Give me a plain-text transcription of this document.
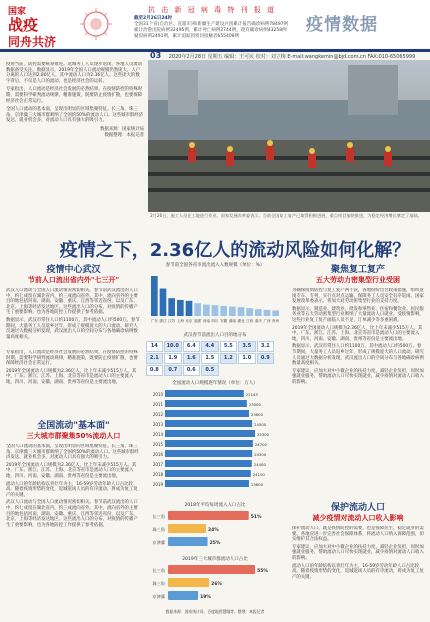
国家
战疫
同舟共济
抗 击 新 冠 病 毒 特 刊 报 道
截至2月26日24时
全国31个省(自治区、直辖市)和新疆生产建设兵团累计报告确诊病例78497例
累计治愈出院病例32495例，累计死亡病例2744例，现有确诊病例43258例
疑似病例2491例，累计追踪到密切接触者655408例
疫情数据
03 2020年2月28日 星期五 编辑：王可民 校对：刘立梅 E-mail:wangkemin@bjd.com.cn FAX:010-65065999
疫情当前，防控需要统筹推进。返城务工人员逐步返岗，各地人员流动数据备受关注。数据显示，2019年全国人口流动规模仍然庞大，人户分离的人口达到2.80亿人，其中流动人口为2.36亿人。这些庞大的数字背后，不仅是人口的流动，也是经济社会的运转。
专家指出，人口流动是经济社会发展的必然结果，在疫情防控的特殊时期，需要科学研判流动规律，精准施策，既要防止疫情扩散，也要保障经济社会正常运行。
全国人口流动的基本面，呈现出明显的区域集聚特征。长三角、珠三角、京津冀三大城市群吸纳了全国约50%的流动人口。这些城市群经济发达、就业机会多，对流动人口具有强大的吸引力。
数据来源：国家统计局
数据整理：本报记者
2月26日，施工人员在工地进行作业。国家发展改革委表示，当前全国复工复产已取得积极进展，重点项目加快推进，为稳定经济增长奠定了基础。
疫情之下，2.36亿人的流动风险如何化解？
疫情中心武汉
节前人口流出省内外"七三开"
武汉人口流动与全国人口流动情况密切相关。春节前武汉流出的人口中，约七成留在湖北省内，约三成流向省外。其中，流向省外的主要目的地包括河南、湖南、安徽、重庆、江西等邻近省份，以及广东、北京、上海等经济发达地区。这些流出人口的分布，对疫情的传播产生了重要影响，也为各地防控工作提供了参考依据。
数据显示，武汉市常住人口约1100万，其中流动人口约500万。春节期间，大量务工人员返乡过年，形成了规模庞大的人口流动。研究人员通过大数据分析发现，武汉流出人口的空间分布与各地确诊病例数量高度相关。
专家指出，人口流动是经济社会发展的必然结果，在疫情防控的特殊时期，需要科学研判流动规律，精准施策，既要防止疫情扩散，也要保障经济社会正常运行。
2019年全国流动人口规模为2.36亿人，比上年末减少515万人。其中，广东、浙江、江苏、上海、北京等省市是流动人口的主要流入地，四川、河南、安徽、湖南、贵州等省份是主要流出地。
全国流动"基本面"
三大城市群聚集50%流动人口
全国人口流动的基本面，呈现出明显的区域集聚特征。长三角、珠三角、京津冀三大城市群吸纳了全国约50%的流动人口。这些城市群经济发达、就业机会多，对流动人口具有强大的吸引力。
2019年全国流动人口规模为2.36亿人，比上年末减少515万人。其中，广东、浙江、江苏、上海、北京等省市是流动人口的主要流入地，四川、河南、安徽、湖南、贵州等省份是主要流出地。
流动人口的年龄结构以青壮年为主，16-59岁劳动年龄人口占比较高。随着疫情形势的变化，返城返岗人员的有序流动，将成为复工复产的关键。
武汉人口流动与全国人口流动情况密切相关。春节前武汉流出的人口中，约七成留在湖北省内，约三成流向省外。其中，流向省外的主要目的地包括河南、湖南、安徽、重庆、江西等邻近省份，以及广东、北京、上海等经济发达地区。这些流出人口的分布，对疫情的传播产生了重要影响，也为各地防控工作提供了参考依据。
春节前全国各省市流出流入人数规模（单位：%）
广东 浙江 江苏 上海 北京 福建 河南 四川 安徽 湖南 湖北 江西 重庆 广西 贵州
武汉春节前流出人口目的地分布
14	10.0	6.4	4.4	5.5	3.5	3.1
2.1	1.9	1.6	1.5	1.2	1.0	0.9
0.8	0.7	0.6	0.5
全国流动人口规模逐年情况（单位：万人）
2010	22143
2011	23000
2012	23600
2013	24500
2014	25300
2015	24700
2016	24500
2017	24400
2018	24100
2019	23600
2018年平均每周流入人口占比
长三角	51%
珠三角	24%
京津冀	25%
2019年三大城市群流动人口占比
长三角	55%
珠三角	26%
京津冀	19%
数据来源：国家统计局、百度地图慧眼等；整理：本报记者
聚焦复工复产
五大劳动力密集型行业受困
为确保疫情防控与复工复产两不误，各地纷纷出台政策措施，组织返岗专车、专列，实行点对点运输，保障务工人员安全有序返岗。国家发展改革委表示，将加大对劳动密集型行业的支持力度。
数据显示，制造业、建筑业、批发和零售业、住宿和餐饮业、居民服务业等五大劳动密集型行业吸纳了大量流动人口就业。受疫情影响，这些行业复工复产面临人员不足、订单减少等多重困难。
2019年全国流动人口规模为2.36亿人，比上年末减少515万人。其中，广东、浙江、江苏、上海、北京等省市是流动人口的主要流入地，四川、河南、安徽、湖南、贵州等省份是主要流出地。
数据显示，武汉市常住人口约1100万，其中流动人口约500万。春节期间，大量务工人员返乡过年，形成了规模庞大的人口流动。研究人员通过大数据分析发现，武汉流出人口的空间分布与各地确诊病例数量高度相关。
专家建议，应加大对中小微企业的扶持力度，减轻企业负担，同时加强就业服务，帮助流动人口尽快实现就业，减少疫情对流动人口收入的影响。
保护流动人口
减少疫情对流动人口收入影响
保护流动人口，既是疫情防控的需要，也是保障民生、稳定就业的需要。各地应进一步完善社会保障体系，将流动人口纳入保障范围，切实维护其合法权益。
专家建议，应加大对中小微企业的扶持力度，减轻企业负担，同时加强就业服务，帮助流动人口尽快实现就业，减少疫情对流动人口收入的影响。
流动人口的年龄结构以青壮年为主，16-59岁劳动年龄人口占比较高。随着疫情形势的变化，返城返岗人员的有序流动，将成为复工复产的关键。
